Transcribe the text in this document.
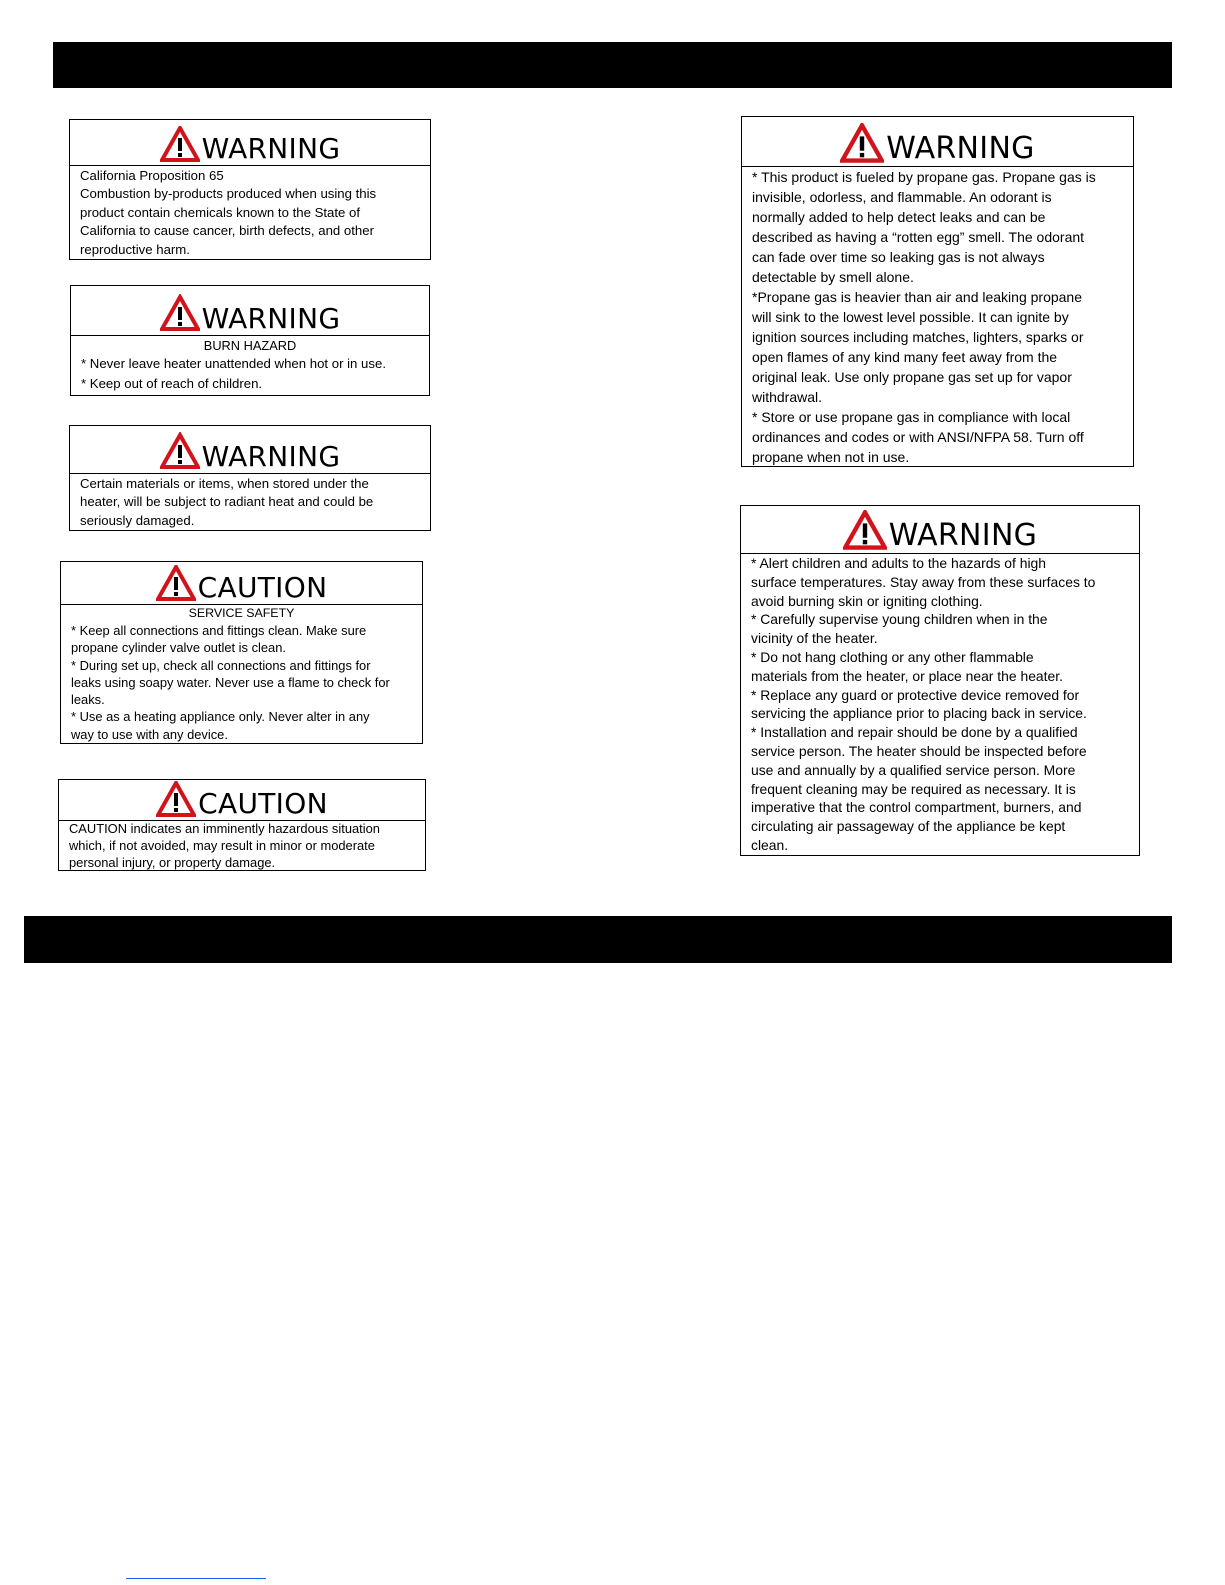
WARNING
California Proposition 65
Combustion by-products produced when using this
product contain chemicals known to the State of
California to cause cancer, birth defects, and other
reproductive harm.
WARNING
BURN HAZARD
* Never leave heater unattended when hot or in use.
* Keep out of reach of children.
WARNING
Certain materials or items, when stored under the
heater, will be subject to radiant heat and could be
seriously damaged.
CAUTION
SERVICE SAFETY
* Keep all connections and fittings clean. Make sure
propane cylinder valve outlet is clean.
* During set up, check all connections and fittings for
leaks using soapy water. Never use a flame to check for
leaks.
* Use as a heating appliance only. Never alter in any
way to use with any device.
CAUTION
CAUTION indicates an imminently hazardous situation
which, if not avoided, may result in minor or moderate
personal injury, or property damage.
WARNING
* This product is fueled by propane gas. Propane gas is
invisible, odorless, and flammable. An odorant is
normally added to help detect leaks and can be
described as having a “rotten egg” smell. The odorant
can fade over time so leaking gas is not always
detectable by smell alone.
*Propane gas is heavier than air and leaking propane
will sink to the lowest level possible. It can ignite by
ignition sources including matches, lighters, sparks or
open flames of any kind many feet away from the
original leak. Use only propane gas set up for vapor
withdrawal.
* Store or use propane gas in compliance with local
ordinances and codes or with ANSI/NFPA 58. Turn off
propane when not in use.
WARNING
* Alert children and adults to the hazards of high
surface temperatures. Stay away from these surfaces to
avoid burning skin or igniting clothing.
* Carefully supervise young children when in the
vicinity of the heater.
* Do not hang clothing or any other flammable
materials from the heater, or place near the heater.
* Replace any guard or protective device removed for
servicing the appliance prior to placing back in service.
* Installation and repair should be done by a qualified
service person. The heater should be inspected before
use and annually by a qualified service person. More
frequent cleaning may be required as necessary. It is
imperative that the control compartment, burners, and
circulating air passageway of the appliance be kept
clean.
